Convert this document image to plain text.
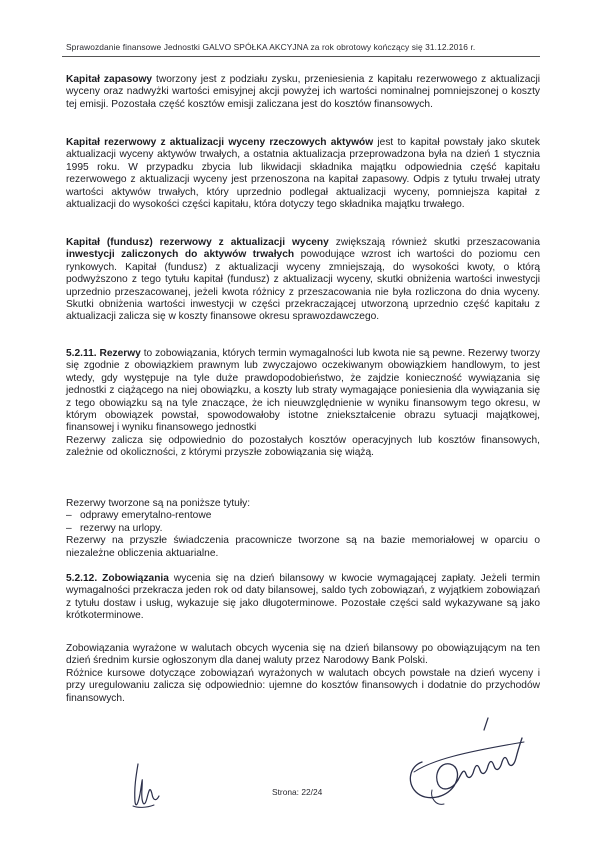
Sprawozdanie finansowe Jednostki GALVO SPÓŁKA AKCYJNA za rok obrotowy kończący się 31.12.2016 r.

Kapitał zapasowy tworzony jest z podziału zysku, przeniesienia z kapitału rezerwowego z aktualizacji wyceny oraz nadwyżki wartości emisyjnej akcji powyżej ich wartości nominalnej pomniejszonej o koszty tej emisji. Pozostała część kosztów emisji zaliczana jest do kosztów finansowych.

Kapitał rezerwowy z aktualizacji wyceny rzeczowych aktywów jest to kapitał powstały jako skutek aktualizacji wyceny aktywów trwałych, a ostatnia aktualizacja przeprowadzona była na dzień 1 stycznia 1995 roku. W przypadku zbycia lub likwidacji składnika majątku odpowiednia część kapitału rezerwowego z aktualizacji wyceny jest przenoszona na kapitał zapasowy. Odpis z tytułu trwałej utraty wartości aktywów trwałych, który uprzednio podlegał aktualizacji wyceny, pomniejsza kapitał z aktualizacji do wysokości części kapitału, która dotyczy tego składnika majątku trwałego.

Kapitał (fundusz) rezerwowy z aktualizacji wyceny zwiększają również skutki przeszacowania inwestycji zaliczonych do aktywów trwałych powodujące wzrost ich wartości do poziomu cen rynkowych. Kapitał (fundusz) z aktualizacji wyceny zmniejszają, do wysokości kwoty, o którą podwyższono z tego tytułu kapitał (fundusz) z aktualizacji wyceny, skutki obniżenia wartości inwestycji uprzednio przeszacowanej, jeżeli kwota różnicy z przeszacowania nie była rozliczona do dnia wyceny. Skutki obniżenia wartości inwestycji w części przekraczającej utworzoną uprzednio część kapitału z aktualizacji zalicza się w koszty finansowe okresu sprawozdawczego.

5.2.11. Rezerwy to zobowiązania, których termin wymagalności lub kwota nie są pewne. Rezerwy tworzy się zgodnie z obowiązkiem prawnym lub zwyczajowo oczekiwanym obowiązkiem handlowym, to jest wtedy, gdy występuje na tyle duże prawdopodobieństwo, że zajdzie konieczność wywiązania się jednostki z ciążącego na niej obowiązku, a koszty lub straty wymagające poniesienia dla wywiązania się z tego obowiązku są na tyle znaczące, że ich nieuwzględnienie w wyniku finansowym tego okresu, w którym obowiązek powstał, spowodowałoby istotne zniekształcenie obrazu sytuacji majątkowej, finansowej i wyniku finansowego jednostki

Rezerwy zalicza się odpowiednio do pozostałych kosztów operacyjnych lub kosztów finansowych, zależnie od okoliczności, z którymi przyszłe zobowiązania się wiążą.

Rezerwy tworzone są na poniższe tytuły:

– odprawy emerytalno-rentowe
– rezerwy na urlopy.

Rezerwy na przyszłe świadczenia pracownicze tworzone są na bazie memoriałowej w oparciu o niezależne obliczenia aktuarialne.

5.2.12. Zobowiązania wycenia się na dzień bilansowy w kwocie wymagającej zapłaty. Jeżeli termin wymagalności przekracza jeden rok od daty bilansowej, saldo tych zobowiązań, z wyjątkiem zobowiązań z tytułu dostaw i usług, wykazuje się jako długoterminowe. Pozostałe części sald wykazywane są jako krótkoterminowe.

Zobowiązania wyrażone w walutach obcych wycenia się na dzień bilansowy po obowiązującym na ten dzień średnim kursie ogłoszonym dla danej waluty przez Narodowy Bank Polski.

Różnice kursowe dotyczące zobowiązań wyrażonych w walutach obcych powstałe na dzień wyceny i przy uregulowaniu zalicza się odpowiednio: ujemne do kosztów finansowych i dodatnie do przychodów finansowych.

Strona: 22/24
